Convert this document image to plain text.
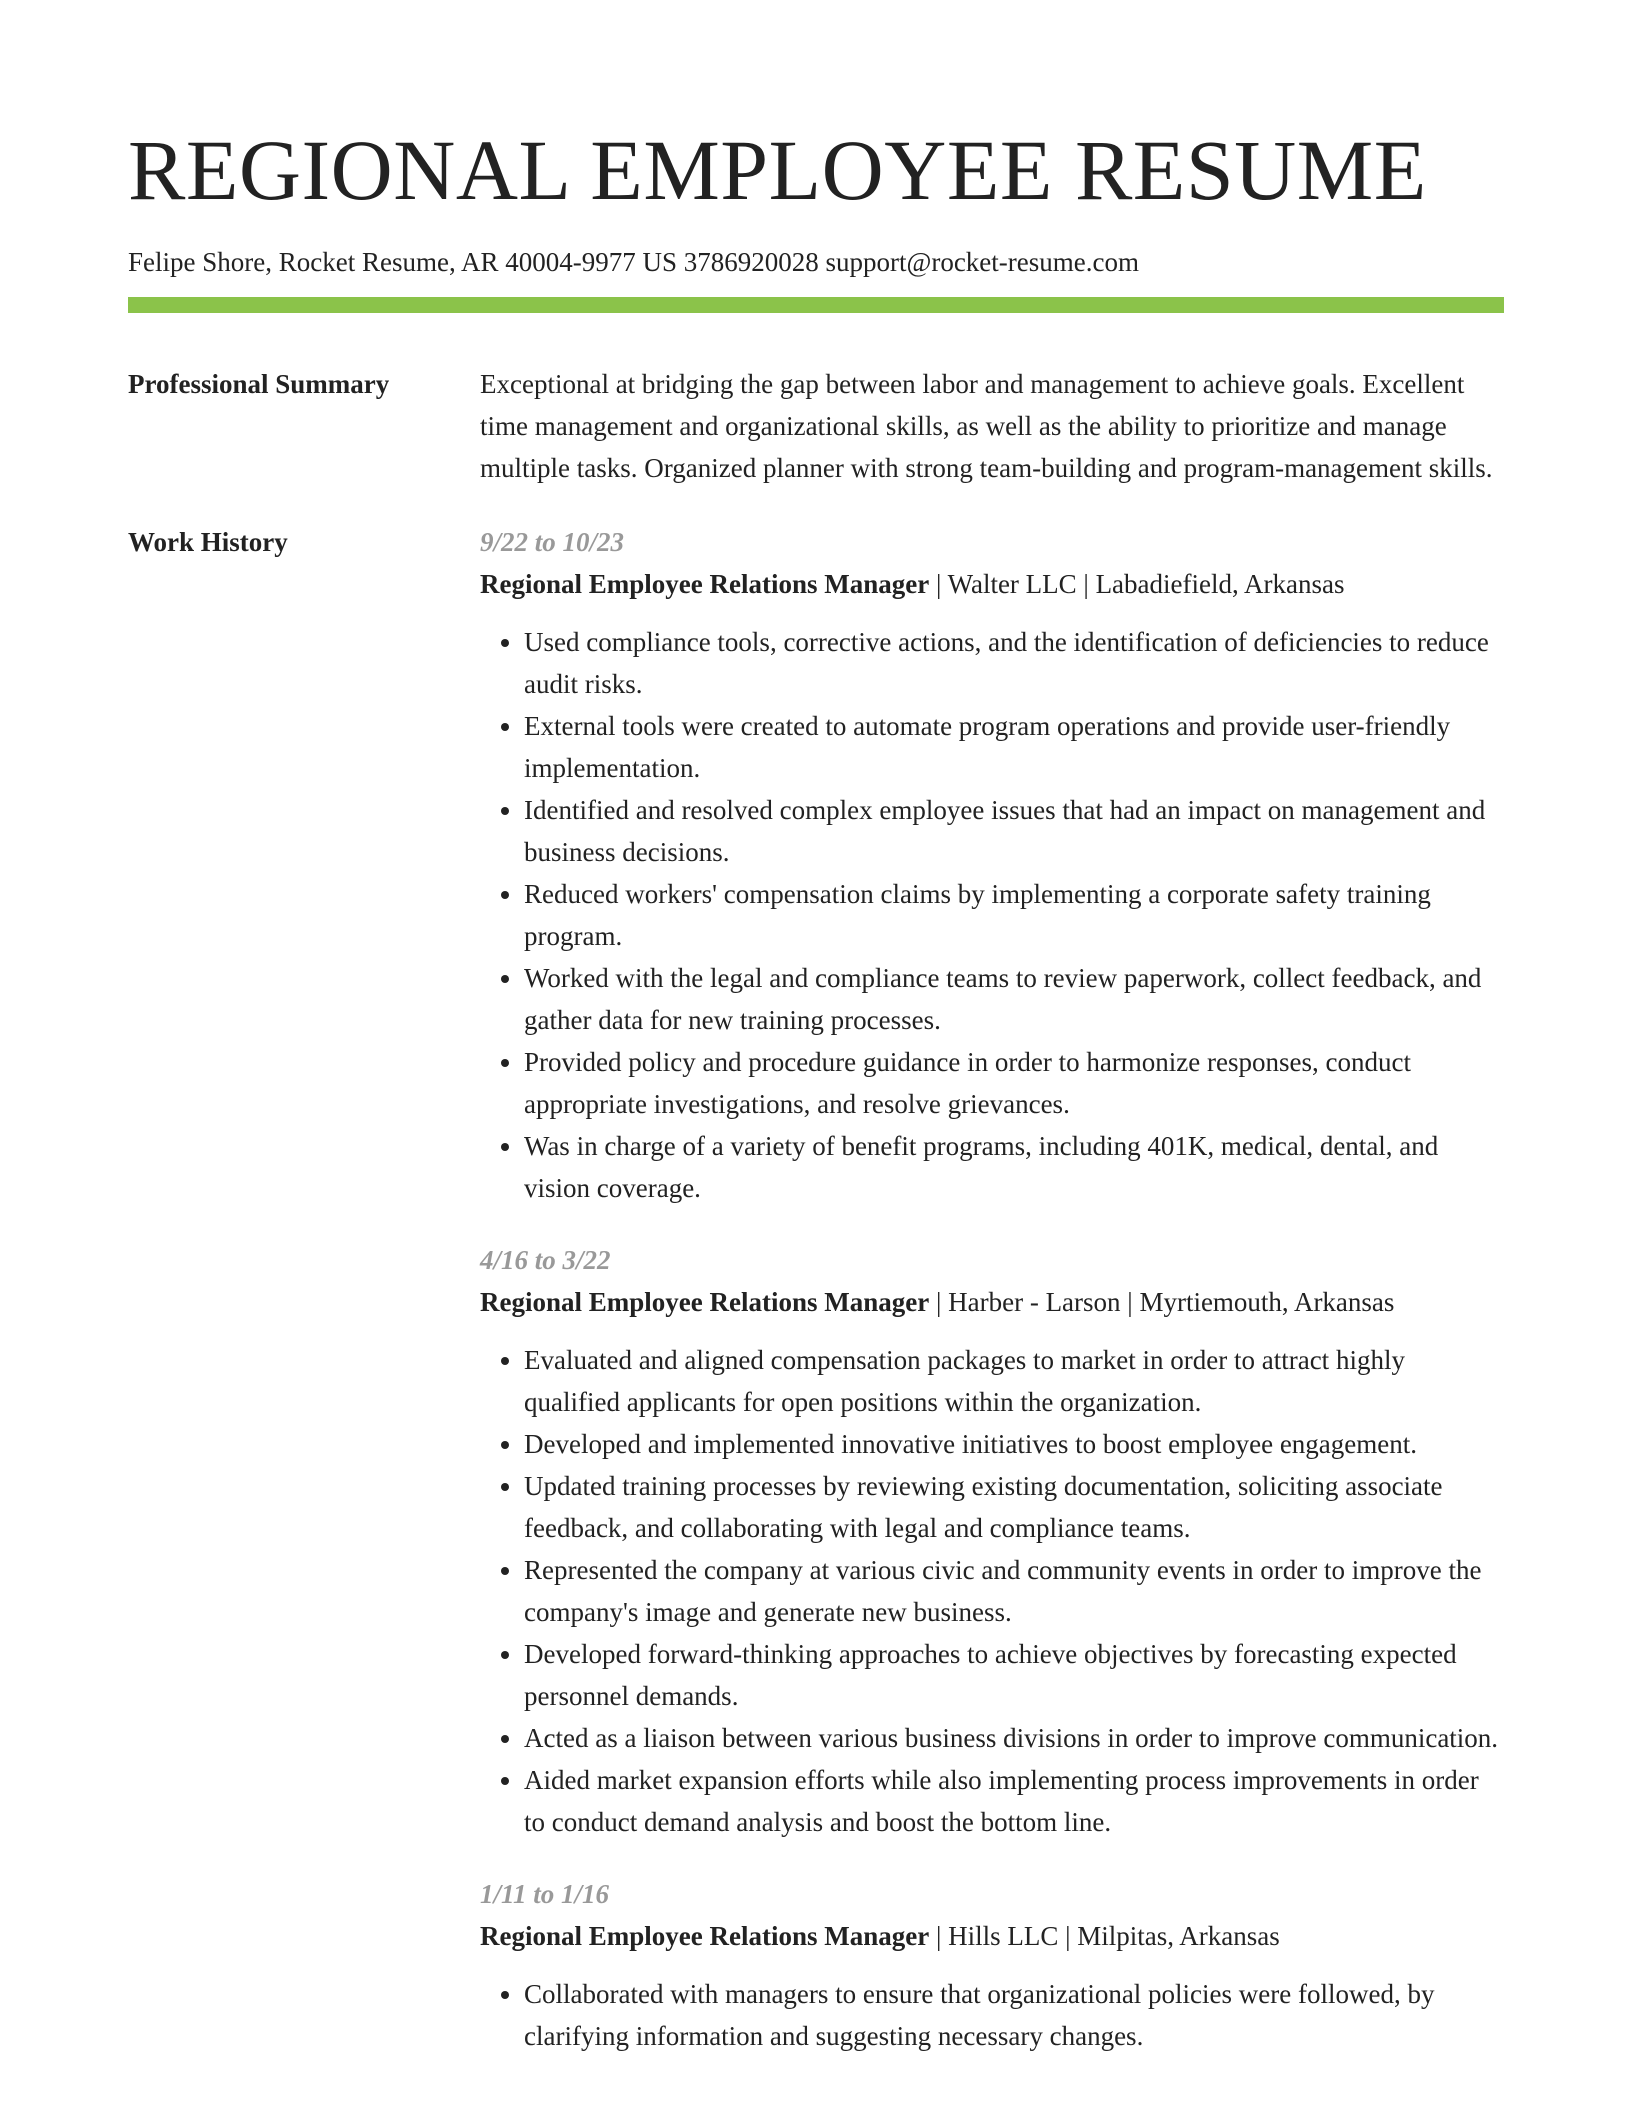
REGIONAL EMPLOYEE RESUME
Felipe Shore, Rocket Resume, AR 40004-9977 US 3786920028 support@rocket-resume.com
Professional Summary	Exceptional at bridging the gap between labor and management to achieve goals. Excellent time management and organizational skills, as well as the ability to prioritize and manage multiple tasks. Organized planner with strong team-building and program-management skills.

Work History	9/22 to 10/23
Regional Employee Relations Manager | Walter LLC | Labadiefield, Arkansas
• Used compliance tools, corrective actions, and the identification of deficiencies to reduce audit risks.
• External tools were created to automate program operations and provide user-friendly implementation.
• Identified and resolved complex employee issues that had an impact on management and business decisions.
• Reduced workers' compensation claims by implementing a corporate safety training program.
• Worked with the legal and compliance teams to review paperwork, collect feedback, and gather data for new training processes.
• Provided policy and procedure guidance in order to harmonize responses, conduct appropriate investigations, and resolve grievances.
• Was in charge of a variety of benefit programs, including 401K, medical, dental, and vision coverage.
4/16 to 3/22
Regional Employee Relations Manager | Harber - Larson | Myrtiemouth, Arkansas
• Evaluated and aligned compensation packages to market in order to attract highly qualified applicants for open positions within the organization.
• Developed and implemented innovative initiatives to boost employee engagement.
• Updated training processes by reviewing existing documentation, soliciting associate feedback, and collaborating with legal and compliance teams.
• Represented the company at various civic and community events in order to improve the company's image and generate new business.
• Developed forward-thinking approaches to achieve objectives by forecasting expected personnel demands.
• Acted as a liaison between various business divisions in order to improve communication.
• Aided market expansion efforts while also implementing process improvements in order to conduct demand analysis and boost the bottom line.
1/11 to 1/16
Regional Employee Relations Manager | Hills LLC | Milpitas, Arkansas
• Collaborated with managers to ensure that organizational policies were followed, by clarifying information and suggesting necessary changes.
